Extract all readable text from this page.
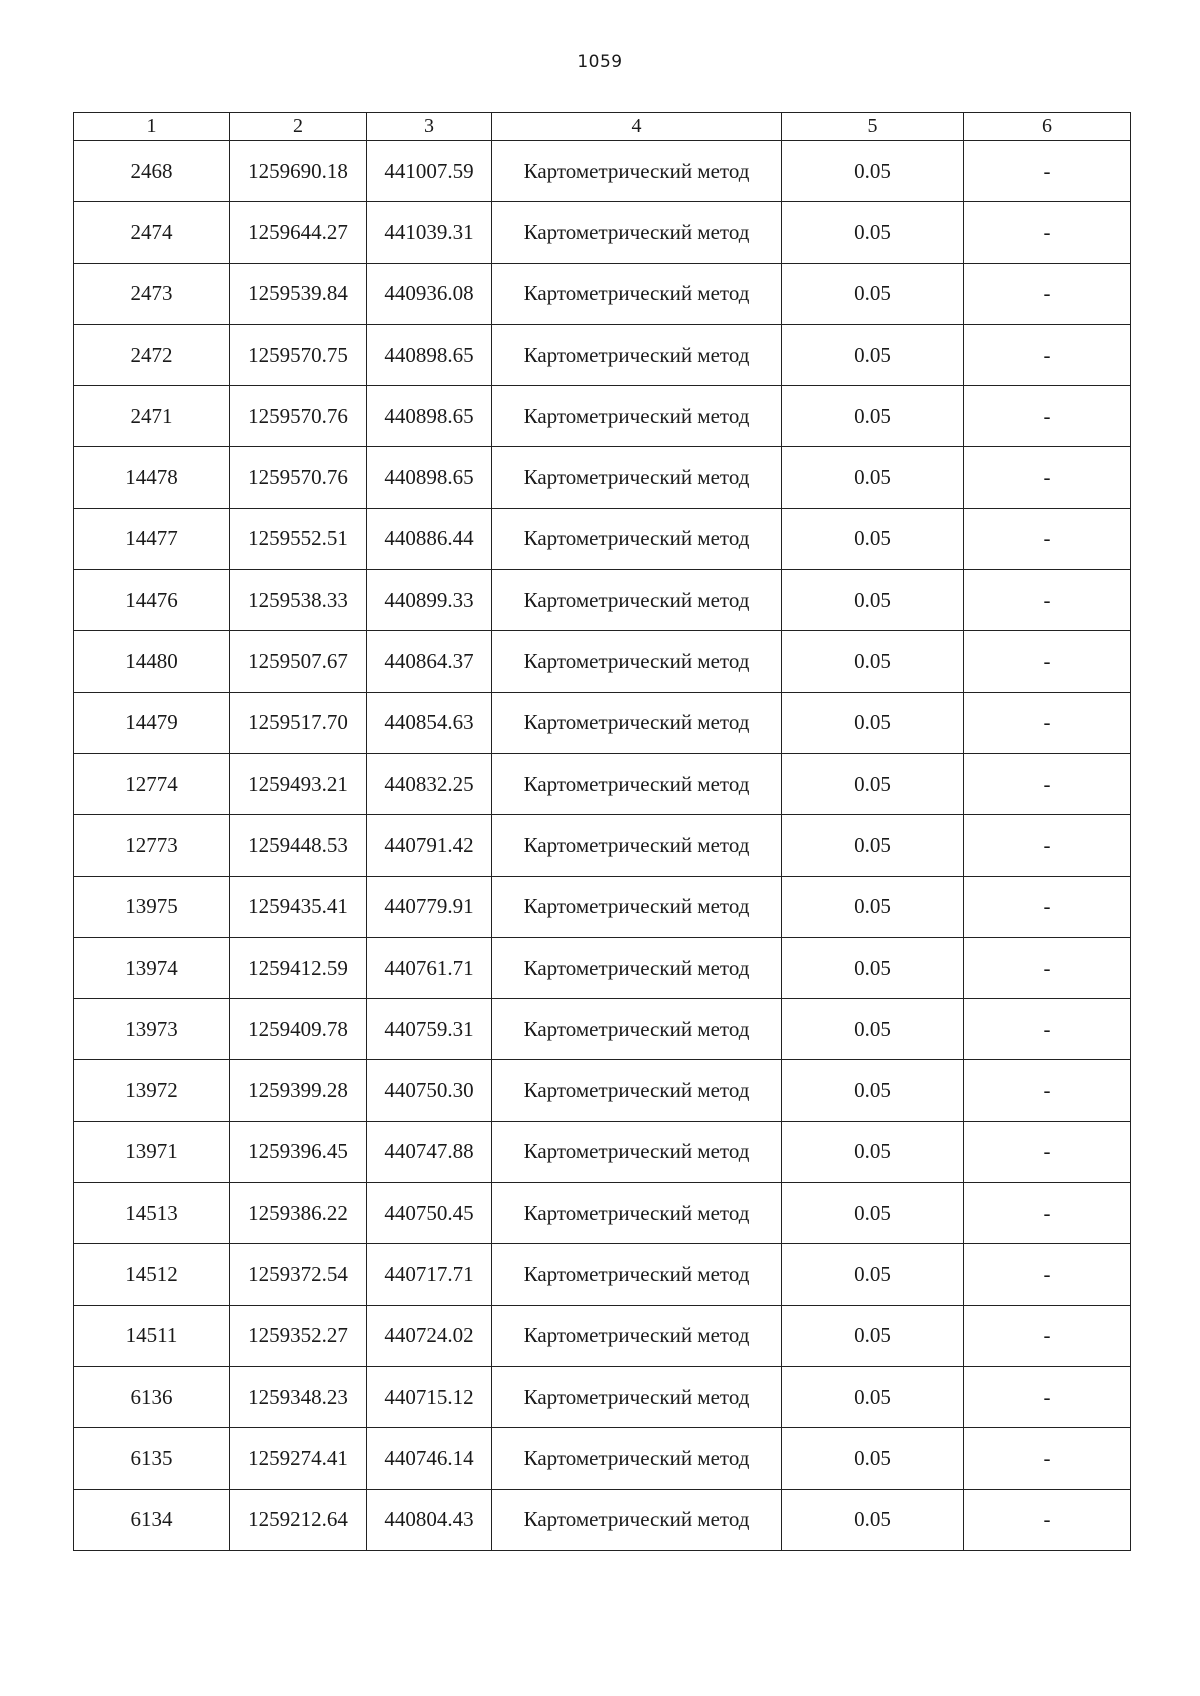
1059
1	2	3	4	5	6
2468	1259690.18	441007.59	Картометрический метод	0.05	-
2474	1259644.27	441039.31	Картометрический метод	0.05	-
2473	1259539.84	440936.08	Картометрический метод	0.05	-
2472	1259570.75	440898.65	Картометрический метод	0.05	-
2471	1259570.76	440898.65	Картометрический метод	0.05	-
14478	1259570.76	440898.65	Картометрический метод	0.05	-
14477	1259552.51	440886.44	Картометрический метод	0.05	-
14476	1259538.33	440899.33	Картометрический метод	0.05	-
14480	1259507.67	440864.37	Картометрический метод	0.05	-
14479	1259517.70	440854.63	Картометрический метод	0.05	-
12774	1259493.21	440832.25	Картометрический метод	0.05	-
12773	1259448.53	440791.42	Картометрический метод	0.05	-
13975	1259435.41	440779.91	Картометрический метод	0.05	-
13974	1259412.59	440761.71	Картометрический метод	0.05	-
13973	1259409.78	440759.31	Картометрический метод	0.05	-
13972	1259399.28	440750.30	Картометрический метод	0.05	-
13971	1259396.45	440747.88	Картометрический метод	0.05	-
14513	1259386.22	440750.45	Картометрический метод	0.05	-
14512	1259372.54	440717.71	Картометрический метод	0.05	-
14511	1259352.27	440724.02	Картометрический метод	0.05	-
6136	1259348.23	440715.12	Картометрический метод	0.05	-
6135	1259274.41	440746.14	Картометрический метод	0.05	-
6134	1259212.64	440804.43	Картометрический метод	0.05	-
